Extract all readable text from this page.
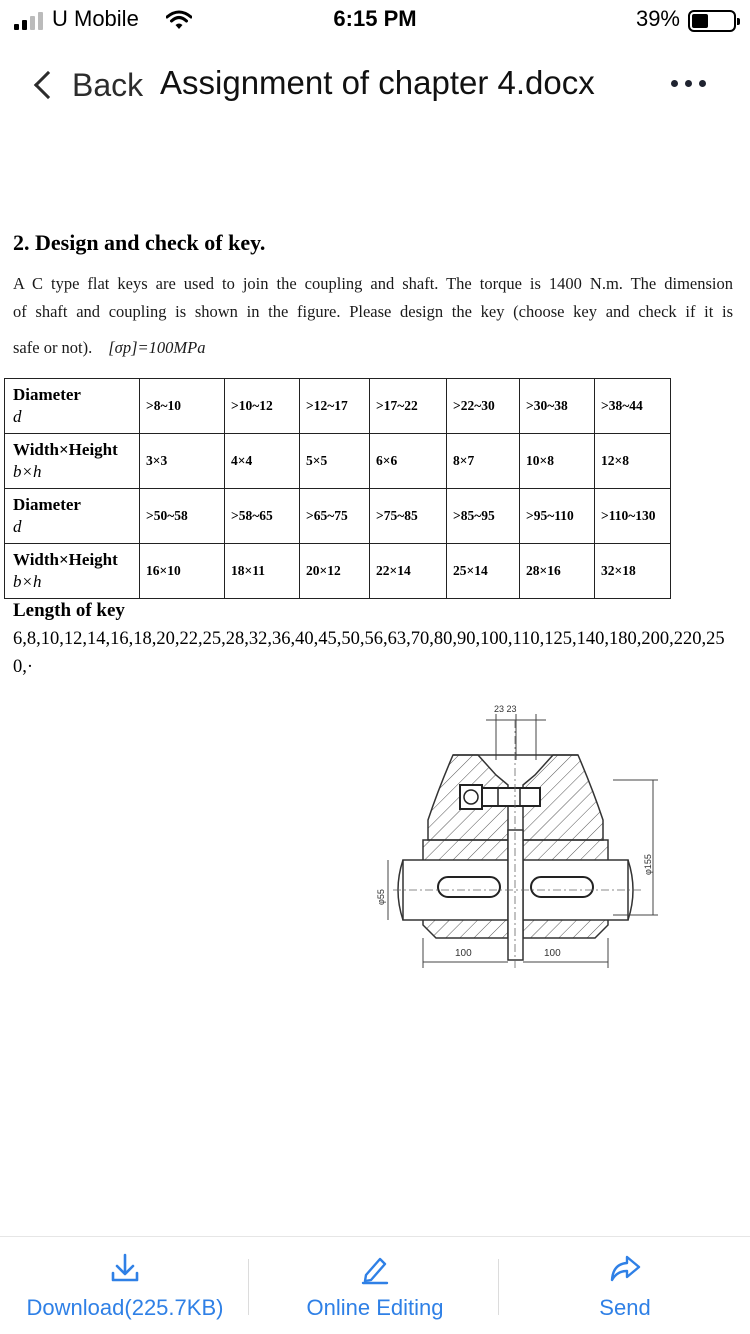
U Mobile	6:15 PM	39%
Back Assignment of chapter 4.docx
2. Design and check of key.
A C type flat keys are used to join the coupling and shaft. The torque is 1400 N.m. The dimension
of shaft and coupling is shown in the figure. Please design the key (choose key and check if it is
safe or not). [σp]=100MPa
Diameter
d	>8~10	>10~12	>12~17	>17~22	>22~30	>30~38	>38~44
Width×Height
b×h	3×3	4×4	5×5	6×6	8×7	10×8	12×8
Diameter
d	>50~58	>58~65	>65~75	>75~85	>85~95	>95~110	>110~130
Width×Height
b×h	16×10	18×11	20×12	22×14	25×14	28×16	32×18
Length of key
6,8,10,12,14,16,18,20,22,25,28,32,36,40,45,50,56,63,70,80,90,100,110,125,140,180,200,220,250,·
23 23
φ155
φ55
100	100
Download(225.7KB)	Online Editing	Send
